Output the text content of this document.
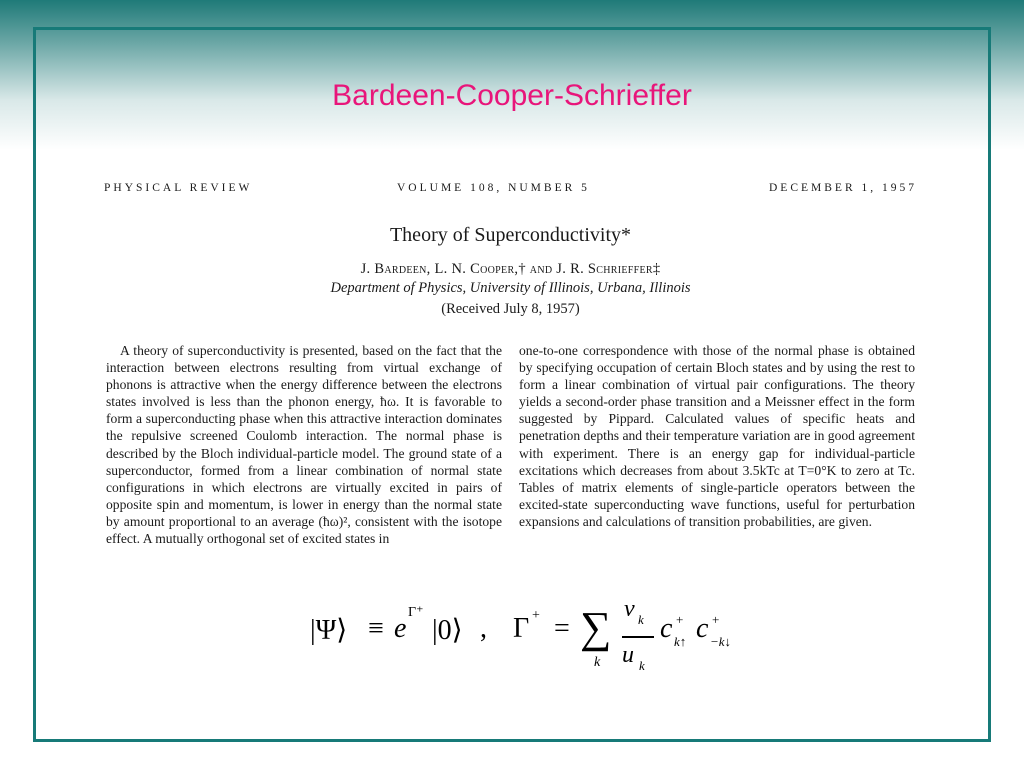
Bardeen-Cooper-Schrieffer
PHYSICAL REVIEW	VOLUME 108, NUMBER 5	DECEMBER 1, 1957
Theory of Superconductivity*
J. Bardeen, L. N. Cooper,† and J. R. Schrieffer‡
Department of Physics, University of Illinois, Urbana, Illinois
(Received July 8, 1957)
A theory of superconductivity is presented, based on the fact that the interaction between electrons resulting from virtual exchange of phonons is attractive when the energy difference between the electrons states involved is less than the phonon energy, ħω. It is favorable to form a superconducting phase when this attractive interaction dominates the repulsive screened Coulomb interaction. The normal phase is described by the Bloch individual-particle model. The ground state of a superconductor, formed from a linear combination of normal state configurations in which electrons are virtually excited in pairs of opposite spin and momentum, is lower in energy than the normal state by amount proportional to an average (ħω)², consistent with the isotope effect. A mutually orthogonal set of excited states in
one-to-one correspondence with those of the normal phase is obtained by specifying occupation of certain Bloch states and by using the rest to form a linear combination of virtual pair configurations. The theory yields a second-order phase transition and a Meissner effect in the form suggested by Pippard. Calculated values of specific heats and penetration depths and their temperature variation are in good agreement with experiment. There is an energy gap for individual-particle excitations which decreases from about 3.5kTc at T=0°K to zero at Tc. Tables of matrix elements of single-particle operators between the excited-state superconducting wave functions, useful for perturbation expansions and calculations of transition probabilities, are given.
|Ψ⟩ ≡ e
Γ⁺
|0⟩ , Γ + = ∑
k
v k
u k
c +
k↑ c +
−k↓
